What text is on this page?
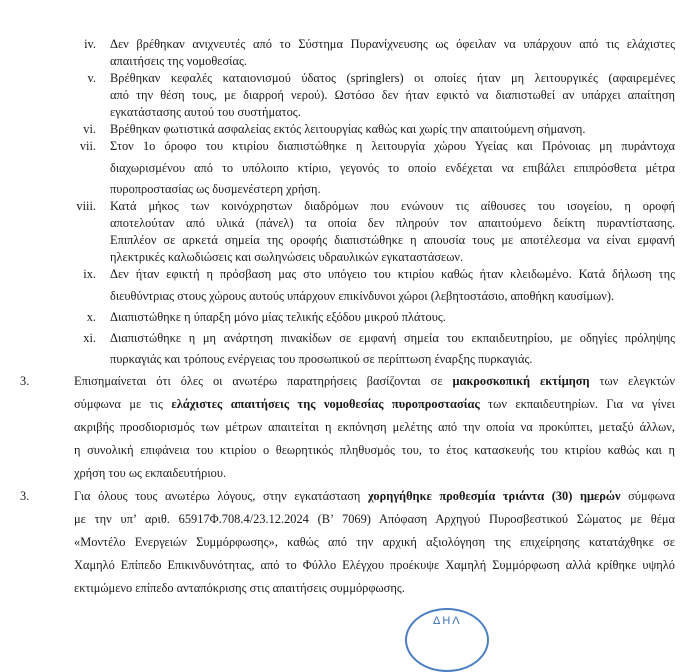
iv. Δεν βρέθηκαν ανιχνευτές από το Σύστημα Πυρανίχνευσης ως όφειλαν να υπάρχουν από τις ελάχιστες
απαιτήσεις της νομοθεσίας.
v. Βρέθηκαν κεφαλές καταιονισμού ύδατος (springlers) οι οποίες ήταν μη λειτουργικές (αφαιρεμένες
από την θέση τους, με διαρροή νερού). Ωστόσο δεν ήταν εφικτό να διαπιστωθεί αν υπάρχει απαίτηση
εγκατάστασης αυτού του συστήματος.
vi. Βρέθηκαν φωτιστικά ασφαλείας εκτός λειτουργίας καθώς και χωρίς την απαιτούμενη σήμανση.
vii. Στον 1ο όροφο του κτιρίου διαπιστώθηκε η λειτουργία χώρου Υγείας και Πρόνοιας μη πυράντοχα
διαχωρισμένου από το υπόλοιπο κτίριο, γεγονός το οποίο ενδέχεται να επιβάλει επιπρόσθετα μέτρα
πυροπροστασίας ως δυσμενέστερη χρήση.
viii. Κατά μήκος των κοινόχρηστων διαδρόμων που ενώνουν τις αίθουσες του ισογείου, η οροφή
αποτελούταν από υλικά (πάνελ) τα οποία δεν πληρούν τον απαιτούμενο δείκτη πυραντίστασης.
Επιπλέον σε αρκετά σημεία της οροφής διαπιστώθηκε η απουσία τους με αποτέλεσμα να είναι εμφανή
ηλεκτρικές καλωδιώσεις και σωληνώσεις υδραυλικών εγκαταστάσεων.
ix. Δεν ήταν εφικτή η πρόσβαση μας στο υπόγειο του κτιρίου καθώς ήταν κλειδωμένο. Κατά δήλωση της
διευθύντριας στους χώρους αυτούς υπάρχουν επικίνδυνοι χώροι (λεβητοστάσιο, αποθήκη καυσίμων).
x. Διαπιστώθηκε η ύπαρξη μόνο μίας τελικής εξόδου μικρού πλάτους.
xi. Διαπιστώθηκε η μη ανάρτηση πινακίδων σε εμφανή σημεία του εκπαιδευτηρίου, με οδηγίες πρόληψης
πυρκαγιάς και τρόπους ενέργειας του προσωπικού σε περίπτωση έναρξης πυρκαγιάς.
3.	Επισημαίνεται ότι όλες οι ανωτέρω παρατηρήσεις βασίζονται σε μακροσκοπική εκτίμηση των ελεγκτών
σύμφωνα με τις ελάχιστες απαιτήσεις της νομοθεσίας πυροπροστασίας των εκπαιδευτηρίων. Για να γίνει
ακριβής προσδιορισμός των μέτρων απαιτείται η εκπόνηση μελέτης από την οποία να προκύπτει, μεταξύ άλλων,
η συνολική επιφάνεια του κτιρίου ο θεωρητικός πληθυσμός του, το έτος κατασκευής του κτιρίου καθώς και η
χρήση του ως εκπαιδευτήριου.
3.	Για όλους τους ανωτέρω λόγους, στην εγκατάσταση χορηγήθηκε προθεσμία τριάντα (30) ημερών σύμφωνα
με την υπ’ αριθ. 65917Φ.708.4/23.12.2024 (Β’ 7069) Απόφαση Αρχηγού Πυροσβεστικού Σώματος με θέμα
«Μοντέλο Ενεργειών Συμμόρφωσης», καθώς από την αρχική αξιολόγηση της επιχείρησης κατατάχθηκε σε
Χαμηλό Επίπεδο Επικινδυνότητας, από το Φύλλο Ελέγχου προέκυψε Χαμηλή Συμμόρφωση αλλά κρίθηκε υψηλό
εκτιμώμενο επίπεδο ανταπόκρισης στις απαιτήσεις συμμόρφωσης.
ΔΗΛ
